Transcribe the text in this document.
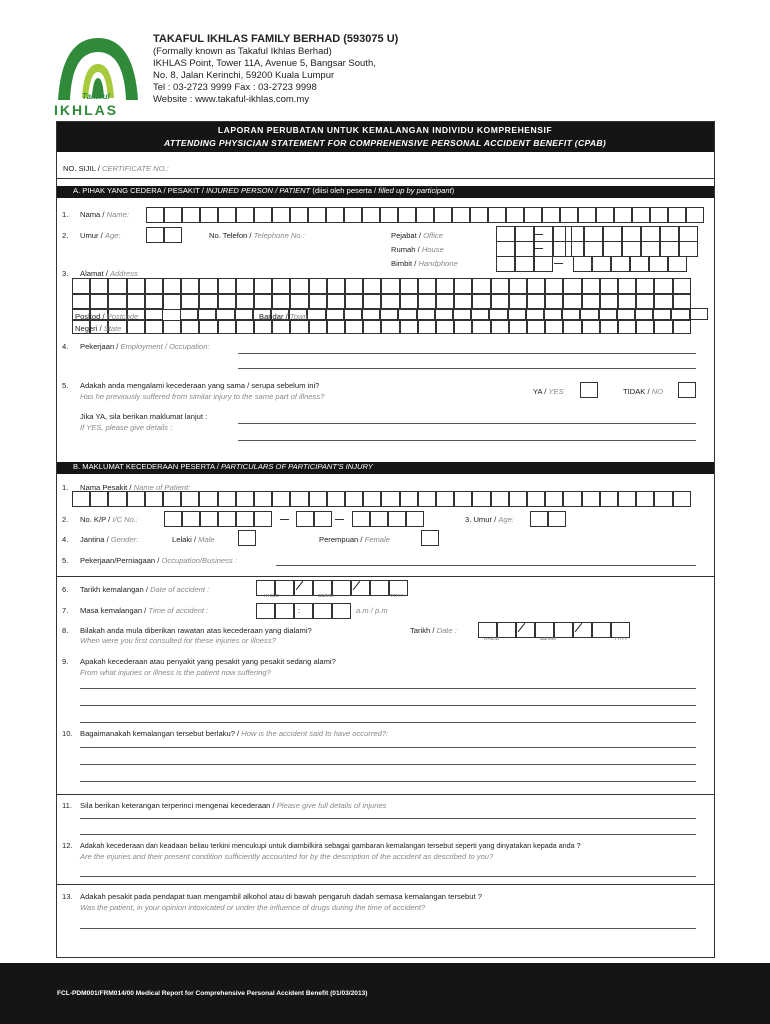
Takaful
IKHLAS
TAKAFUL IKHLAS FAMILY BERHAD (593075 U)
(Formally known as Takaful Ikhlas Berhad)
IKHLAS Point, Tower 11A, Avenue 5, Bangsar South,
No. 8, Jalan Kerinchi, 59200 Kuala Lumpur
Tel : 03-2723 9999 Fax : 03-2723 9998
Website : www.takaful-ikhlas.com.my
LAPORAN PERUBATAN UNTUK KEMALANGAN INDIVIDU KOMPREHENSIF
ATTENDING PHYSICIAN STATEMENT FOR COMPREHENSIVE PERSONAL ACCIDENT BENEFIT (CPAB)
NO. SIJIL / CERTIFICATE NO.:
A. PIHAK YANG CEDERA / PESAKIT / INJURED PERSON / PATIENT (diisi oleh peserta / filled up by participant)
1. Nama / Name:
2. Umur / Age:	No. Telefon / Telephone No.:	Pejabat / Office
Rumah / House
Bimbit / Handphone
3. Alamat / Address
Poskod / Postcode	Bandar / Town
Negeri / State
4. Pekerjaan / Employment / Occupation:
5. Adakah anda mengalami kecederaan yang sama / serupa sebelum ini?
Has he previously suffered from similar injury to the same part of illness?
YA / YES	TIDAK / NO
Jika YA, sila berikan maklumat lanjut :
If YES, please give details :
B. MAKLUMAT KECEDERAAN PESERTA / PARTICULARS OF PARTICIPANT'S INJURY
1. Nama Pesakit / Name of Patient:
2. No. K/P / I/C No.:	3. Umur / Age:
4. Jantina / Gender:	Lelaki / Male	Perempuan / Female
5. Pekerjaan/Perniagaan / Occupation/Business :
6. Tarikh kemalangan / Date of accident :
HH/DD	BB/MM	TT/YY
7. Masa kemalangan / Time of accident :	:	a.m / p.m
8. Bilakah anda mula diberikan rawatan atas kecederaan yang dialami?
When were you first consulted for these injuries or illness?
Tarikh / Date :
HH/DD	BB/MM	TT/YY
9. Apakah kecederaan atau penyakit yang pesakit yang pesakit sedang alami?
From what injuries or illness is the patient now suffering?
10. Bagaimanakah kemalangan tersebut berlaku? / How is the accident said to have occurred?:
11. Sila berikan keterangan terperinci mengenai kecederaan / Please give full details of injuries
12. Adakah kecederaan dan keadaan beliau terkini mencukupi untuk diambilkira sebagai gambaran kemalangan tersebut seperti yang dinyatakan kepada anda ?
Are the injuries and their present condition sufficiently accounted for by the description of the accident as described to you?
13. Adakah pesakit pada pendapat tuan mengambil alkohol atau di bawah pengaruh dadah semasa kemalangan tersebut ?
Was the patient, in your opinion intoxicated or under the influence of drugs during the time of accident?
FCL-PDM001/FRM014/00 Medical Report for Comprehensive Personal Accident Benefit (01/03/2013)
